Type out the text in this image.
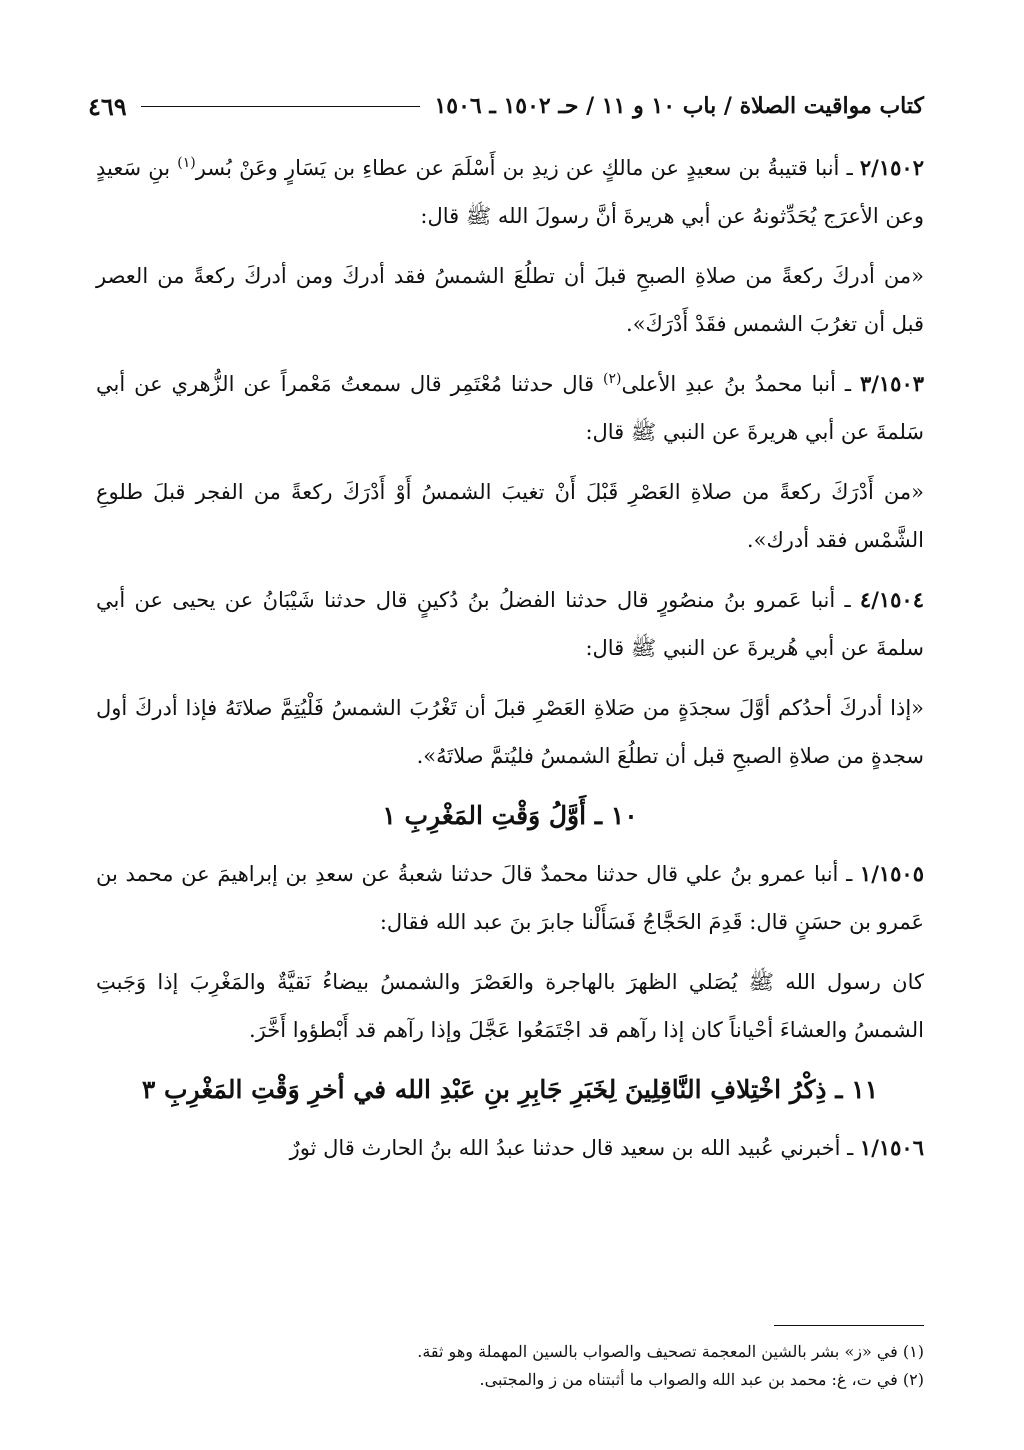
كتاب مواقيت الصلاة / باب ١٠ و ١١ / حـ ١٥٠٢ ـ ١٥٠٦
٤٦٩

٢/١٥٠٢ ـ أنبا قتيبةُ بن سعيدٍ عن مالكٍ عن زيدِ بن أَسْلَمَ عن عطاءِ بن يَسَارٍ وعَنْ بُسر$^{(١)}$ بنِ سَعيدٍ وعن الأعرَج يُحَدِّثونهُ عن أبي هريرةَ أنَّ رسولَ الله ﷺ قال:

«من أدركَ ركعةً من صلاةِ الصبحِ قبلَ أن تطلُعَ الشمسُ فقد أدركَ ومن أدركَ ركعةً من العصر قبل أن تغرُبَ الشمس فقَدْ أَدْرَكَ».

٣/١٥٠٣ ـ أنبا محمدُ بنُ عبدِ الأعلى$^{(٢)}$ قال حدثنا مُعْتَمِر قال سمعتُ مَعْمراً عن الزُّهري عن أبي سَلمةَ عن أبي هريرةَ عن النبي ﷺ قال:

«من أَدْرَكَ ركعةً من صلاةِ العَصْرِ قَبْلَ أَنْ تغيبَ الشمسُ أَوْ أَدْرَكَ ركعةً من الفجر قبلَ طلوعِ الشَّمْس فقد أدرك».

٤/١٥٠٤ ـ أنبا عَمرو بنُ منصُورٍ قال حدثنا الفضلُ بنُ دُكينٍ قال حدثنا شَيْبَانُ عن يحيى عن أبي سلمةَ عن أبي هُريرةَ عن النبي ﷺ قال:

«إذا أدركَ أحدُكم أوَّلَ سجدَةٍ من صَلاةِ العَصْرِ قبلَ أن تَغْرُبَ الشمسُ فَلْيُتِمَّ صلاتَهُ فإذا أدركَ أول سجدةٍ من صلاةِ الصبحِ قبل أن تطلُعَ الشمسُ فليُتمَّ صلاتَهُ».

١٠ ـ أَوَّلُ وَقْتِ المَغْرِبِ ١

١/١٥٠٥ ـ أنبا عمرو بنُ علي قال حدثنا محمدٌ قالَ حدثنا شعبةُ عن سعدِ بن إبراهيمَ عن محمد بن عَمرو بن حسَنٍ قال: قَدِمَ الحَجَّاجُ فَسَأَلْنا جابرَ بنَ عبد الله فقال:

كان رسول الله ﷺ يُصَلي الظهرَ بالهاجرة والعَصْرَ والشمسُ بيضاءُ نَقيَّةٌ والمَغْرِبَ إذا وَجَبتِ الشمسُ والعشاءَ أحْياناً كان إذا رآهم قد اجْتَمَعُوا عَجَّلَ وإذا رآهم قد أَبْطؤوا أَخَّرَ.

١١ ـ ذِكْرُ اخْتِلافِ النَّاقِلِينَ لِخَبَرِ جَابِرِ بنِ عَبْدِ الله في أخرِ وَقْتِ المَغْرِبِ ٣

١/١٥٠٦ ـ أخبرني عُبيد الله بن سعيد قال حدثنا عبدُ الله بنُ الحارث قال ثورٌ

(١) في «ز» بشر بالشين المعجمة تصحيف والصواب بالسين المهملة وهو ثقة.

(٢) في ت، غ: محمد بن عبد الله والصواب ما أثبتناه من ز والمجتبى.
